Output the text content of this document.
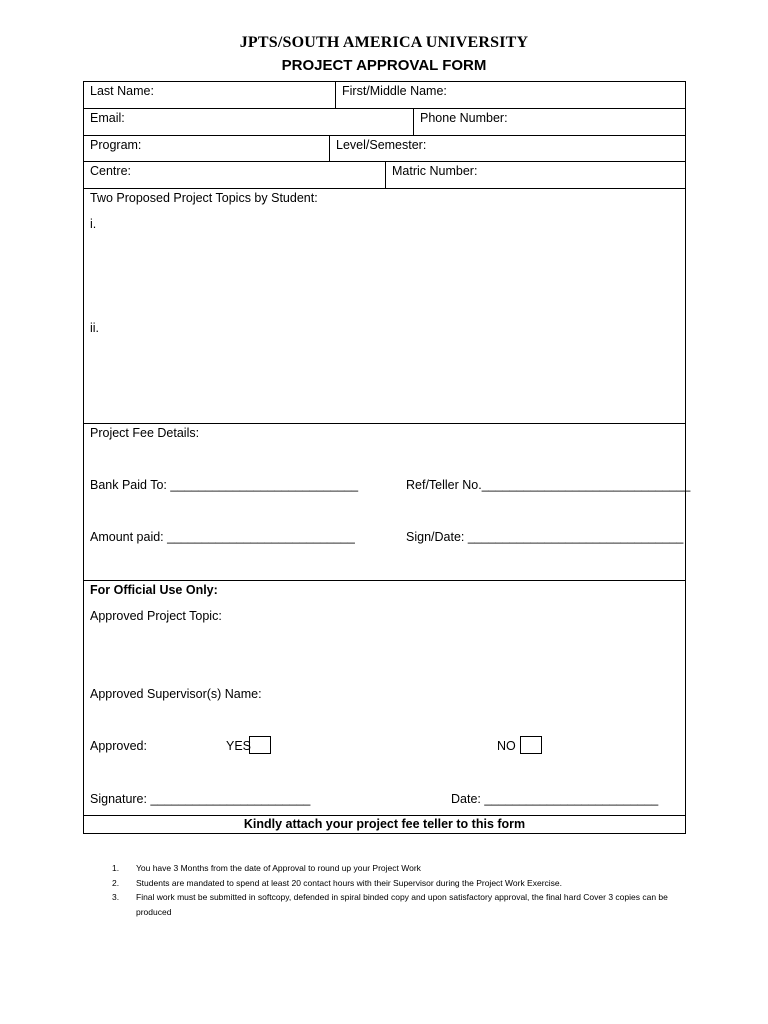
JPTS/SOUTH AMERICA UNIVERSITY
PROJECT APPROVAL FORM
Last Name:	First/Middle Name:
Email:	Phone Number:
Program:	Level/Semester:
Centre:	Matric Number:
Two Proposed Project Topics by Student:
i.
ii.
Project Fee Details:
Bank Paid To: ___________________________	Ref/Teller No.______________________________
Amount paid: ___________________________	Sign/Date: _______________________________
For Official Use Only:
Approved Project Topic:
Approved Supervisor(s) Name:
Approved:	YES	NO
Signature: _______________________	Date: _________________________
Kindly attach your project fee teller to this form
1. You have 3 Months from the date of Approval to round up your Project Work
2. Students are mandated to spend at least 20 contact hours with their Supervisor during the Project Work Exercise.
3. Final work must be submitted in softcopy, defended in spiral binded copy and upon satisfactory approval, the final hard Cover 3 copies can be produced
